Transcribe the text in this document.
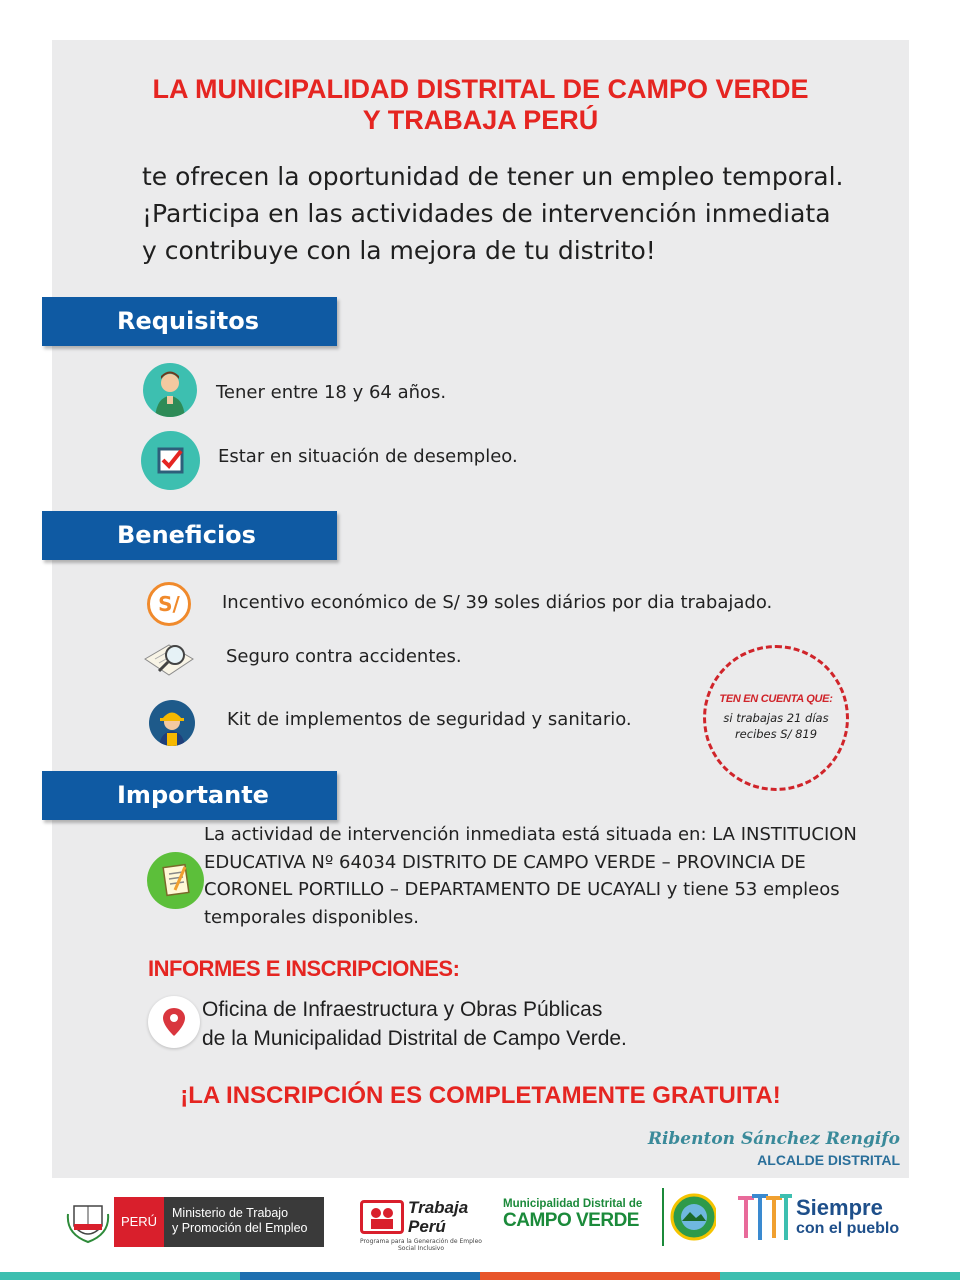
LA MUNICIPALIDAD DISTRITAL DE CAMPO VERDE
Y TRABAJA PERÚ
te ofrecen la oportunidad de tener un empleo temporal.
¡Participa en las actividades de intervención inmediata
y contribuye con la mejora de tu distrito!
Requisitos
Tener entre 18 y 64 años.
Estar en situación de desempleo.
Beneficios
S/	Incentivo económico de S/ 39 soles diários por dia trabajado.
Seguro contra accidentes.
Kit de implementos de seguridad y sanitario.
TEN EN CUENTA QUE:
si trabajas 21 días
recibes S/ 819
Importante
La actividad de intervención inmediata está situada en: LA INSTITUCION
EDUCATIVA Nº 64034 DISTRITO DE CAMPO VERDE – PROVINCIA DE
CORONEL PORTILLO – DEPARTAMENTO DE UCAYALI y tiene 53 empleos
temporales disponibles.
INFORMES E INSCRIPCIONES:
Oficina de Infraestructura y Obras Públicas
de la Municipalidad Distrital de Campo Verde.
¡LA INSCRIPCIÓN ES COMPLETAMENTE GRATUITA!
Ribenton Sánchez Rengifo
ALCALDE DISTRITAL
PERÚ
Ministerio de Trabajo
y Promoción del Empleo
Trabaja
Perú
Programa para la Generación de Empleo Social Inclusivo
Municipalidad Distrital de
CAMPO VERDE
Siempre
con el pueblo
